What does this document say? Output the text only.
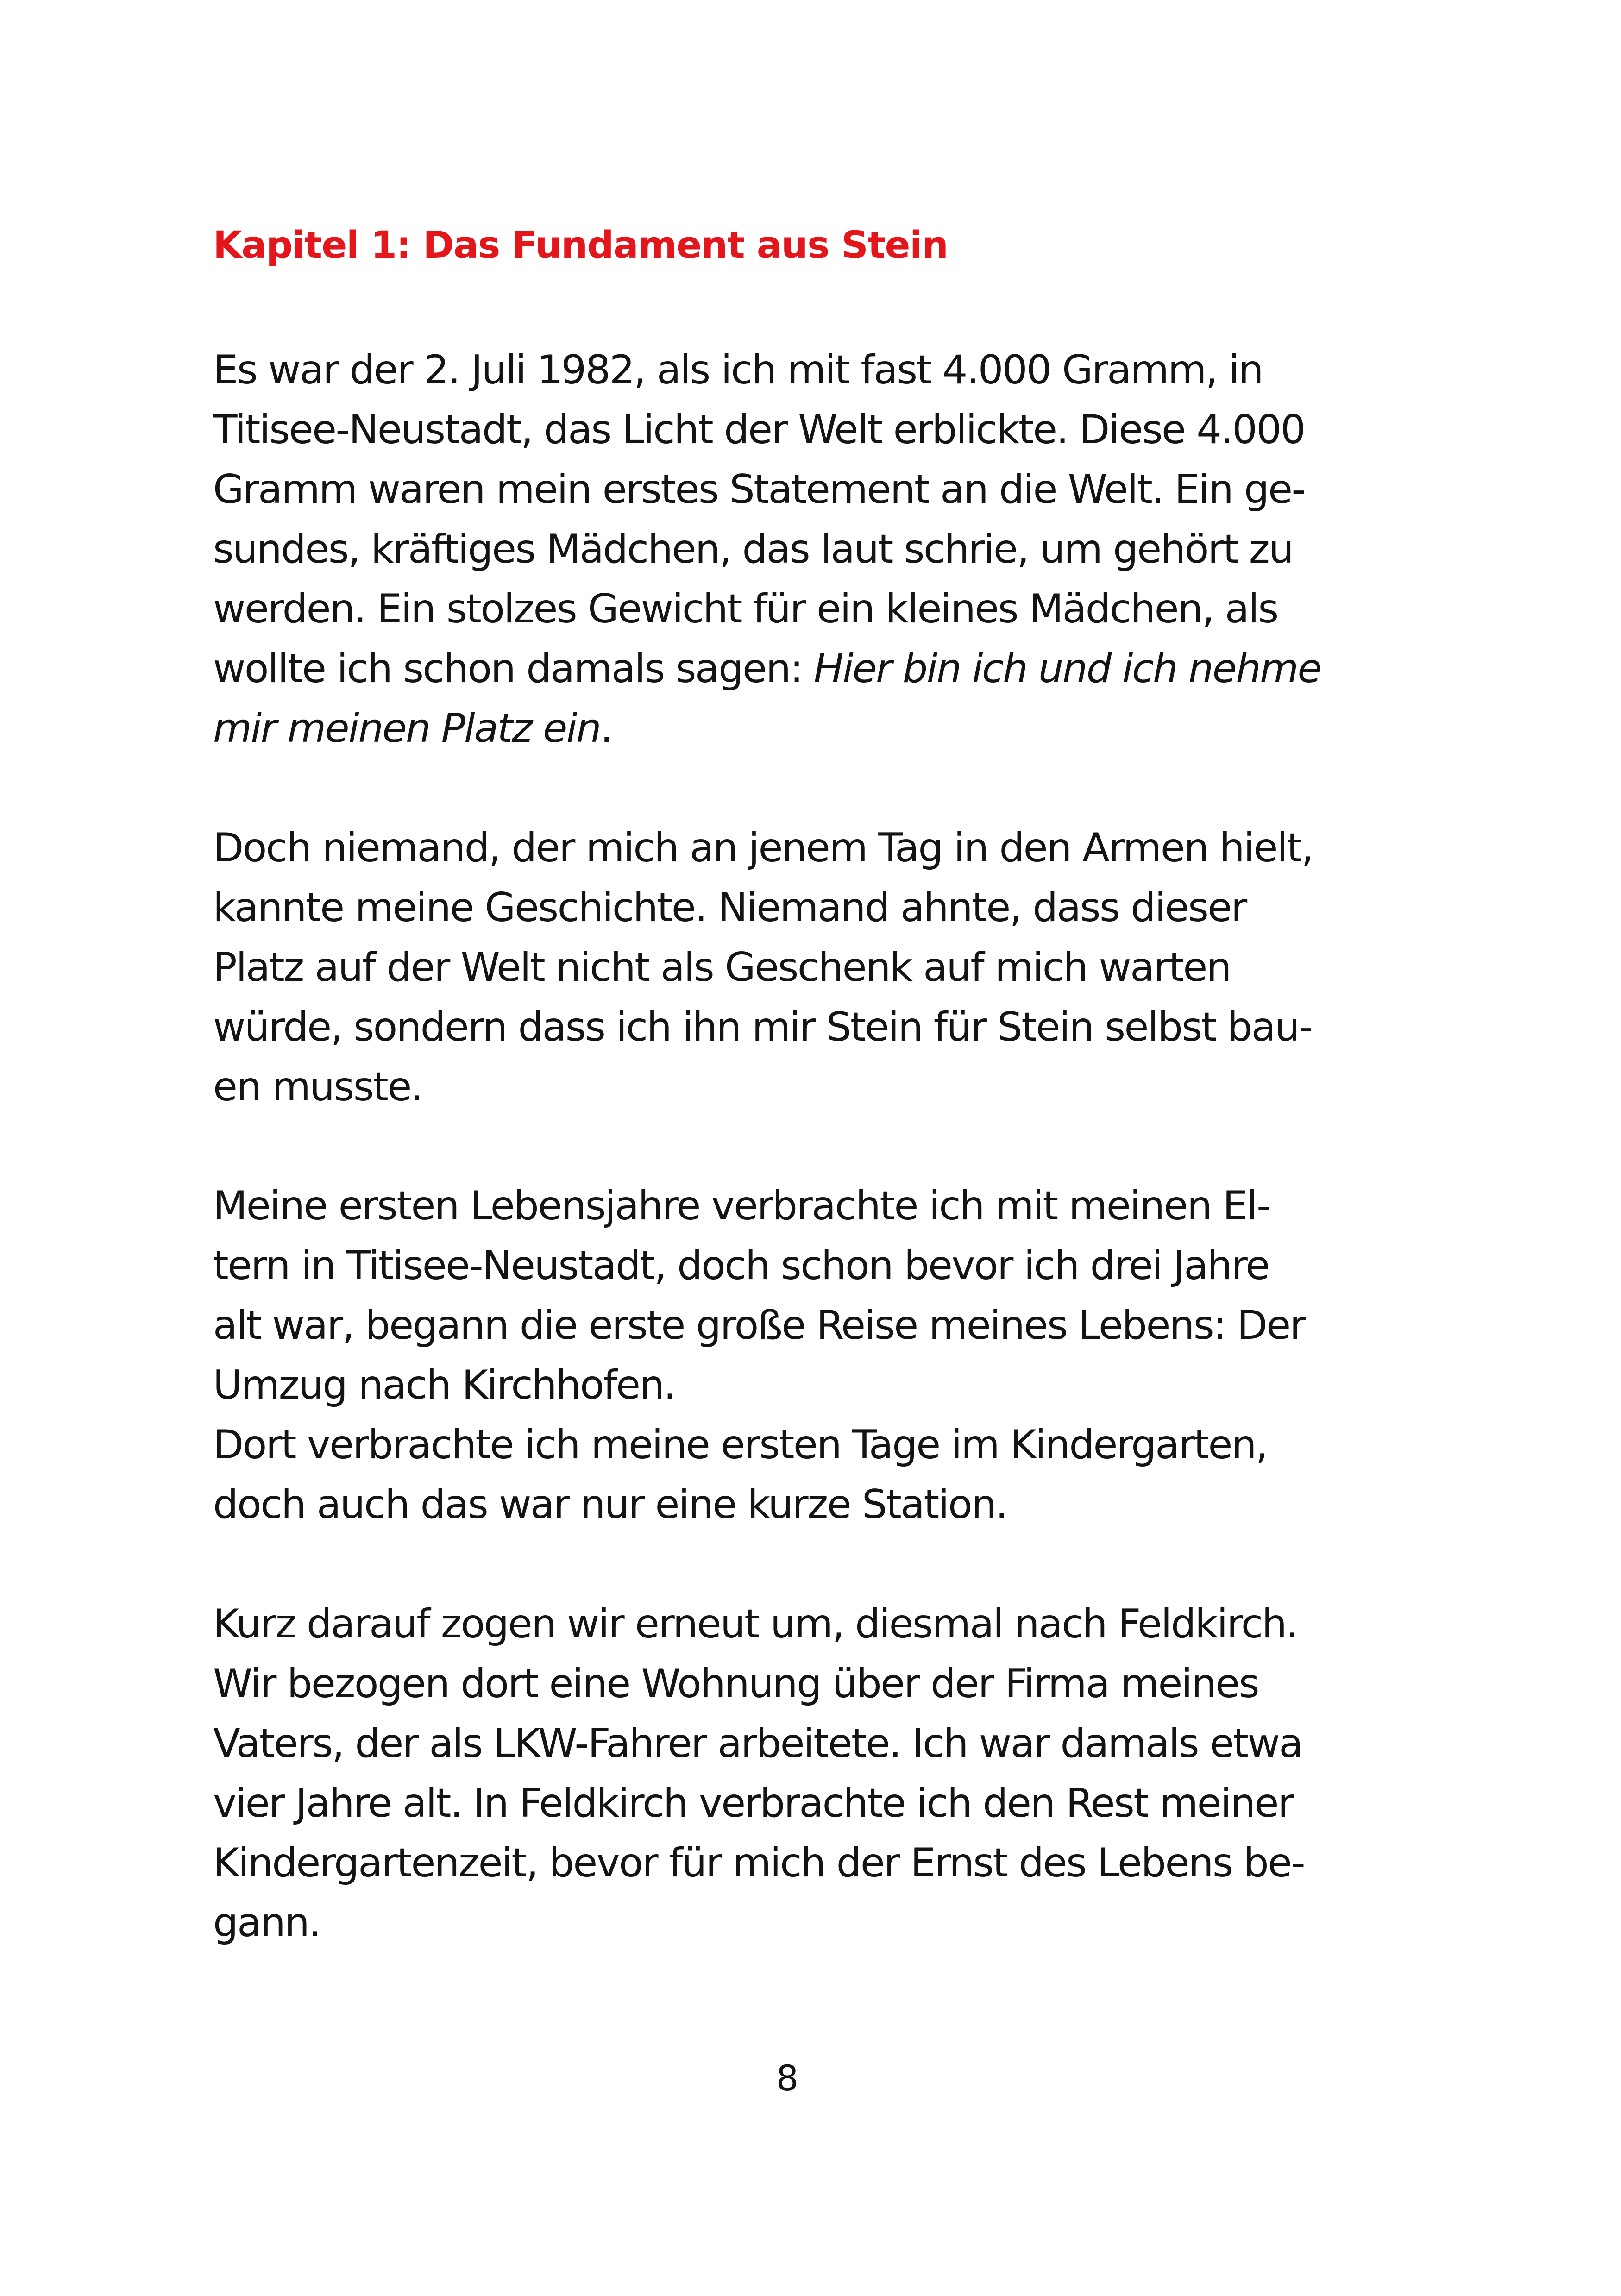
Kapitel 1: Das Fundament aus Stein

Es war der 2. Juli 1982, als ich mit fast 4.000 Gramm, in
Titisee-Neustadt, das Licht der Welt erblickte. Diese 4.000
Gramm waren mein erstes Statement an die Welt. Ein ge-
sundes, kräftiges Mädchen, das laut schrie, um gehört zu
werden. Ein stolzes Gewicht für ein kleines Mädchen, als
wollte ich schon damals sagen: Hier bin ich und ich nehme
mir meinen Platz ein.

Doch niemand, der mich an jenem Tag in den Armen hielt,
kannte meine Geschichte. Niemand ahnte, dass dieser
Platz auf der Welt nicht als Geschenk auf mich warten
würde, sondern dass ich ihn mir Stein für Stein selbst bau-
en musste.

Meine ersten Lebensjahre verbrachte ich mit meinen El-
tern in Titisee-Neustadt, doch schon bevor ich drei Jahre
alt war, begann die erste große Reise meines Lebens: Der
Umzug nach Kirchhofen.
Dort verbrachte ich meine ersten Tage im Kindergarten,
doch auch das war nur eine kurze Station.

Kurz darauf zogen wir erneut um, diesmal nach Feldkirch.
Wir bezogen dort eine Wohnung über der Firma meines
Vaters, der als LKW-Fahrer arbeitete. Ich war damals etwa
vier Jahre alt. In Feldkirch verbrachte ich den Rest meiner
Kindergartenzeit, bevor für mich der Ernst des Lebens be-
gann.

8
